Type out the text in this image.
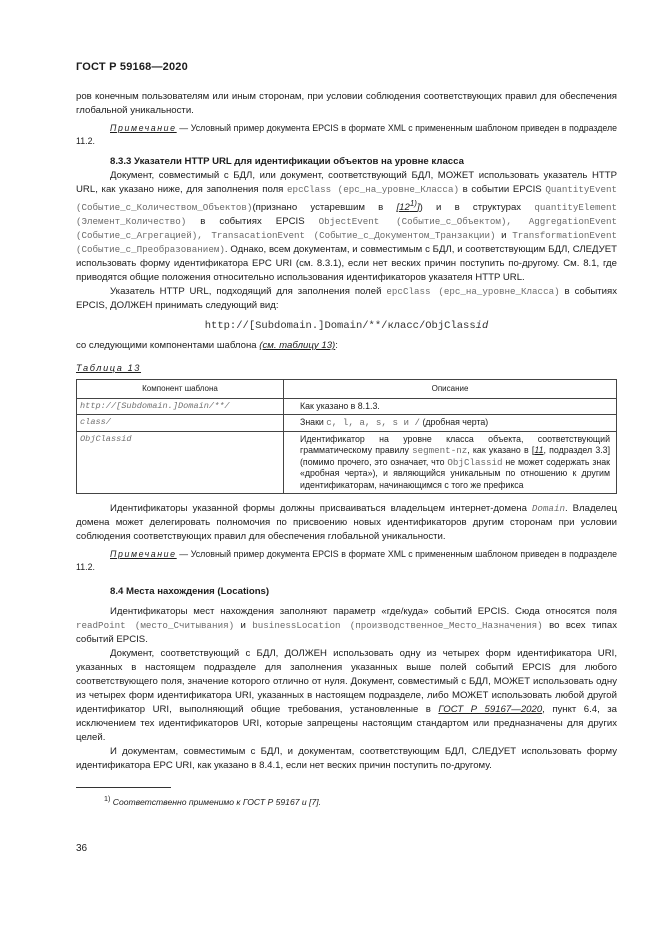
ГОСТ Р 59168—2020

ров конечным пользователям или иным сторонам, при условии соблюдения соответствующих правил для обеспечения глобальной уникальности.

Примечание — Условный пример документа EPCIS в формате XML с примененным шаблоном приведен в подразделе 11.2.

8.3.3 Указатели HTTP URL для идентификации объектов на уровне класса

Документ, совместимый с БДЛ, или документ, соответствующий БДЛ, МОЖЕТ использовать указатель HTTP URL, как указано ниже, для заполнения поля epcClass (epc_на_уровне_Класса) в событии EPCIS QuantityEvent (Событие_с_Количеством_Объектов)(признано устаревшим в [12$^{1)}$]) и в структурах quantityElement (Элемент_Количество) в событиях EPCIS ObjectEvent (Событие_с_Объектом), AggregationEvent (Событие_с_Агрегацией), TransacationEvent (Событие_с_Документом_Транзакции) и TransformationEvent (Событие_с_Преобразованием). Однако, всем документам, и совместимым с БДЛ, и соответствующим БДЛ, СЛЕДУЕТ использовать форму идентификатора EPC URI (см. 8.3.1), если нет веских причин поступить по-другому. См. 8.1, где приводятся общие положения относительно использования идентификаторов указателя HTTP URL.

Указатель HTTP URL, подходящий для заполнения полей epcClass (epc_на_уровне_Класса) в событиях EPCIS, ДОЛЖЕН принимать следующий вид:

http://[Subdomain.]Domain/**/класс/ObjClassid

со следующими компонентами шаблона (см. таблицу 13):

Таблица 13
Компонент шаблона	Описание
http://[Subdomain.]Domain/**/	Как указано в 8.1.3.
class/	Знаки c, l, a, s, s и / (дробная черта)
ObjClassid	Идентификатор на уровне класса объекта, соответствующий грамматическому правилу segment-nz, как указано в [11, подраздел 3.3] (помимо прочего, это означает, что ObjClassid не может содержать знак «дробная черта»), и являющийся уникальным по отношению к другим идентификаторам, начинающимся с того же префикса

Идентификаторы указанной формы должны присваиваться владельцем интернет-домена Domain. Владелец домена может делегировать полномочия по присвоению новых идентификаторов другим сторонам при условии соблюдения соответствующих правил для обеспечения глобальной уникальности.

Примечание — Условный пример документа EPCIS в формате XML с примененным шаблоном приведен в подразделе 11.2.

8.4 Места нахождения (Locations)

Идентификаторы мест нахождения заполняют параметр «где/куда» событий EPCIS. Сюда относятся поля readPoint (место_Считывания) и businessLocation (производственное_Место_Назначения) во всех типах событий EPCIS.

Документ, соответствующий с БДЛ, ДОЛЖЕН использовать одну из четырех форм идентификатора URI, указанных в настоящем подразделе для заполнения указанных выше полей событий EPCIS для любого соответствующего поля, значение которого отлично от нуля. Документ, совместимый с БДЛ, МОЖЕТ использовать одну из четырех форм идентификатора URI, указанных в настоящем подразделе, либо МОЖЕТ использовать любой другой идентификатор URI, выполняющий общие требования, установленные в ГОСТ Р 59167—2020, пункт 6.4, за исключением тех идентификаторов URI, которые запрещены настоящим стандартом или предназначены для других целей.

И документам, совместимым с БДЛ, и документам, соответствующим БДЛ, СЛЕДУЕТ использовать форму идентификатора EPC URI, как указано в 8.4.1, если нет веских причин поступить по-другому.

$^{1)}$ Соответственно применимо к ГОСТ Р 59167 и [7].

36
